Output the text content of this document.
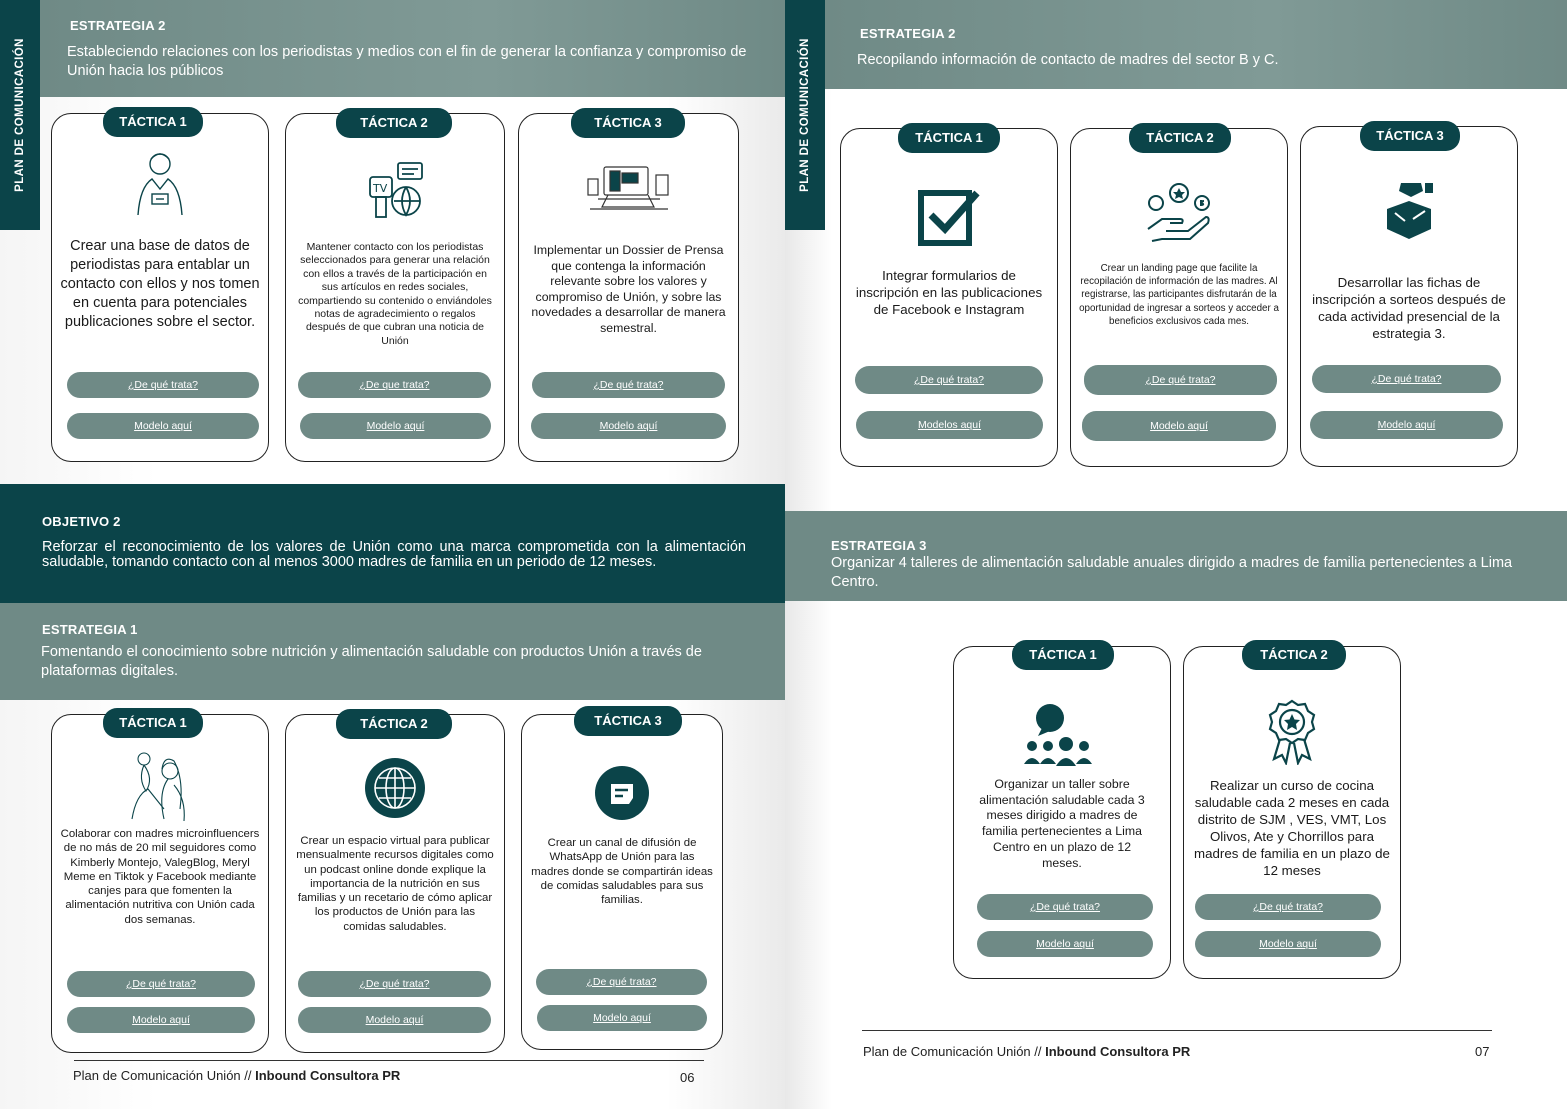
ESTRATEGIA 2
Estableciendo relaciones con los periodistas y medios con el fin de generar la confianza y compromiso de Unión hacia los públicos
PLAN DE COMUNICACIÓN	TÁCTICA 1
Crear una base de datos de periodistas para entablar un contacto con ellos y nos tomen en cuenta para potenciales publicaciones sobre el sector.
¿De qué trata?
Modelo aquí
TÁCTICA 2
TV
Mantener contacto con los periodistas seleccionados para generar una relación con ellos a través de la participación en sus artículos en redes sociales, compartiendo su contenido o enviándoles notas de agradecimiento o regalos después de que cubran una noticia de Unión
¿De que trata?
Modelo aquí
TÁCTICA 3
Implementar un Dossier de Prensa que contenga la información relevante sobre los valores y compromiso de Unión, y sobre las novedades a desarrollar de manera semestral.
¿De qué trata?
Modelo aquí
OBJETIVO 2
Reforzar el reconocimiento de los valores de Unión como una marca comprometida con la alimentación saludable, tomando contacto con al menos 3000 madres de familia en un periodo de 12 meses.
ESTRATEGIA 1
Fomentando el conocimiento sobre nutrición y alimentación saludable con productos Unión a través de plataformas digitales.
TÁCTICA 1
Colaborar con madres microinfluencers de no más de 20 mil seguidores como Kimberly Montejo, ValegBlog, Meryl Meme en Tiktok y Facebook mediante canjes para que fomenten la alimentación nutritiva con Unión cada dos semanas.
¿De qué trata?
Modelo aquí
TÁCTICA 2
Crear un espacio virtual para publicar mensualmente recursos digitales como un podcast online donde explique la importancia de la nutrición en sus familias y un recetario de cómo aplicar los productos de Unión para las comidas saludables.
¿De qué trata?
Modelo aquí
TÁCTICA 3
Crear un canal de difusión de WhatsApp de Unión para las madres donde se compartirán ideas de comidas saludables para sus familias.
¿De qué trata?
Modelo aquí
Plan de Comunicación Unión // Inbound Consultora PR	06
ESTRATEGIA 2
Recopilando información de contacto de madres del sector B y C.
PLAN DE COMUNICACIÓN	TÁCTICA 1
Integrar formularios de inscripción en las publicaciones de Facebook e Instagram
¿De qué trata?
Modelos aquí
TÁCTICA 2
Crear un landing page que facilite la recopilación de información de las madres. Al registrarse, las participantes disfrutarán de la oportunidad de ingresar a sorteos y acceder a beneficios exclusivos cada mes.
¿De qué trata?
Modelo aquí
TÁCTICA 3
Desarrollar las fichas de inscripción a sorteos después de cada actividad presencial de la estrategia 3.
¿De qué trata?
Modelo aquí
ESTRATEGIA 3
Organizar 4 talleres de alimentación saludable anuales dirigido a madres de familia pertenecientes a Lima Centro.
TÁCTICA 1
Organizar un taller sobre alimentación saludable cada 3 meses dirigido a madres de familia pertenecientes a Lima Centro en un plazo de 12 meses.
¿De qué trata?
Modelo aquí
TÁCTICA 2
Realizar un curso de cocina saludable cada 2 meses en cada distrito de SJM , VES, VMT, Los Olivos, Ate y Chorrillos para madres de familia en un plazo de 12 meses
¿De qué trata?
Modelo aquí
Plan de Comunicación Unión // Inbound Consultora PR	07
